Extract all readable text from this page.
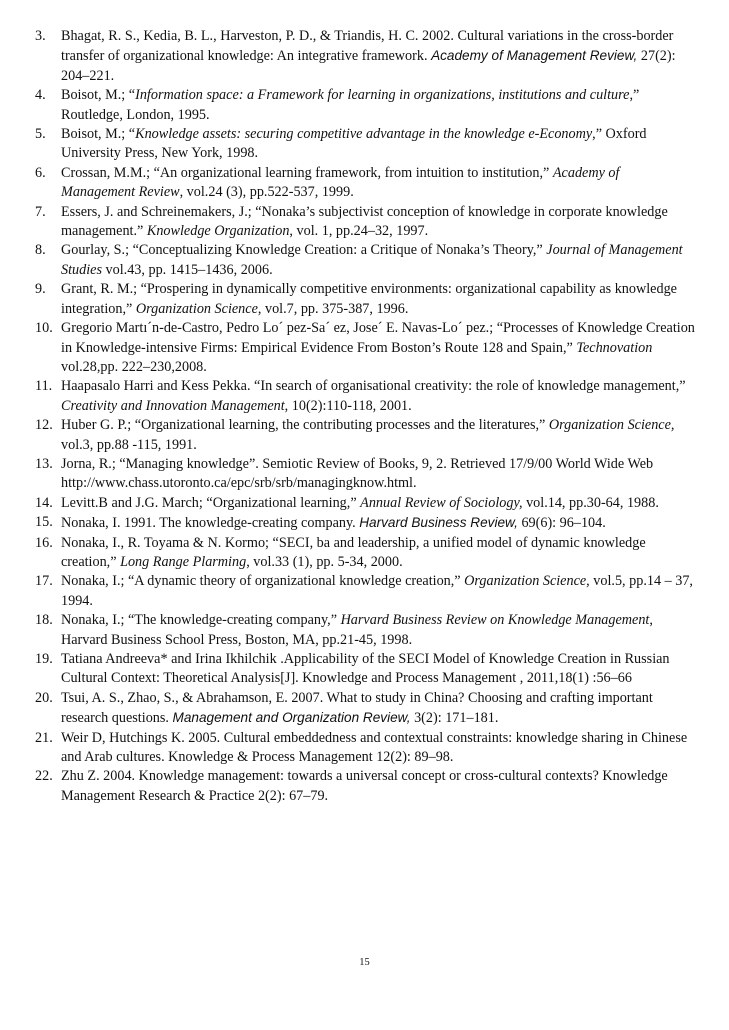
3. Bhagat, R. S., Kedia, B. L., Harveston, P. D., & Triandis, H. C. 2002. Cultural variations in the cross-border transfer of organizational knowledge: An integrative framework. Academy of Management Review, 27(2): 204–221.
4. Boisot, M.; “Information space: a Framework for learning in organizations, institutions and culture,” Routledge, London, 1995.
5. Boisot, M.; “Knowledge assets: securing competitive advantage in the knowledge e-Economy,” Oxford University Press, New York, 1998.
6. Crossan, M.M.; “An organizational learning framework, from intuition to institution,” Academy of Management Review, vol.24 (3), pp.522-537, 1999.
7. Essers, J. and Schreinemakers, J.; “Nonaka’s subjectivist conception of knowledge in corporate knowledge management.” Knowledge Organization, vol. 1, pp.24–32, 1997.
8. Gourlay, S.; “Conceptualizing Knowledge Creation: a Critique of Nonaka’s Theory,” Journal of Management Studies vol.43, pp. 1415–1436, 2006.
9. Grant, R. M.; “Prospering in dynamically competitive environments: organizational capability as knowledge integration,” Organization Science, vol.7, pp. 375-387, 1996.
10. Gregorio Martı´n-de-Castro, Pedro Lo´ pez-Sa´ ez, Jose´ E. Navas-Lo´ pez.; “Processes of Knowledge Creation in Knowledge-intensive Firms: Empirical Evidence From Boston’s Route 128 and Spain,” Technovation vol.28,pp. 222–230,2008.
11. Haapasalo Harri and Kess Pekka. “In search of organisational creativity: the role of knowledge management,” Creativity and Innovation Management, 10(2):110-118, 2001.
12. Huber G. P.; “Organizational learning, the contributing processes and the literatures,” Organization Science, vol.3, pp.88 -115, 1991.
13. Jorna, R.; “Managing knowledge”. Semiotic Review of Books, 9, 2. Retrieved 17/9/00 World Wide Web http://www.chass.utoronto.ca/epc/srb/srb/managingknow.html.
14. Levitt.B and J.G. March; “Organizational learning,” Annual Review of Sociology, vol.14, pp.30-64, 1988.
15. Nonaka, I. 1991. The knowledge-creating company. Harvard Business Review, 69(6): 96–104.
16. Nonaka, I., R. Toyama & N. Kormo; “SECI, ba and leadership, a unified model of dynamic knowledge creation,” Long Range Plarming, vol.33 (1), pp. 5-34, 2000.
17. Nonaka, I.; “A dynamic theory of organizational knowledge creation,” Organization Science, vol.5, pp.14 – 37, 1994.
18. Nonaka, I.; “The knowledge-creating company,” Harvard Business Review on Knowledge Management, Harvard Business School Press, Boston, MA, pp.21-45, 1998.
19. Tatiana Andreeva* and Irina Ikhilchik .Applicability of the SECI Model of Knowledge Creation in Russian Cultural Context: Theoretical Analysis[J]. Knowledge and Process Management , 2011,18(1) :56–66
20. Tsui, A. S., Zhao, S., & Abrahamson, E. 2007. What to study in China? Choosing and crafting important research questions. Management and Organization Review, 3(2): 171–181.
21. Weir D, Hutchings K. 2005. Cultural embeddedness and contextual constraints: knowledge sharing in Chinese and Arab cultures. Knowledge & Process Management 12(2): 89–98.
22. Zhu Z. 2004. Knowledge management: towards a universal concept or cross-cultural contexts? Knowledge Management Research & Practice 2(2): 67–79.
15
